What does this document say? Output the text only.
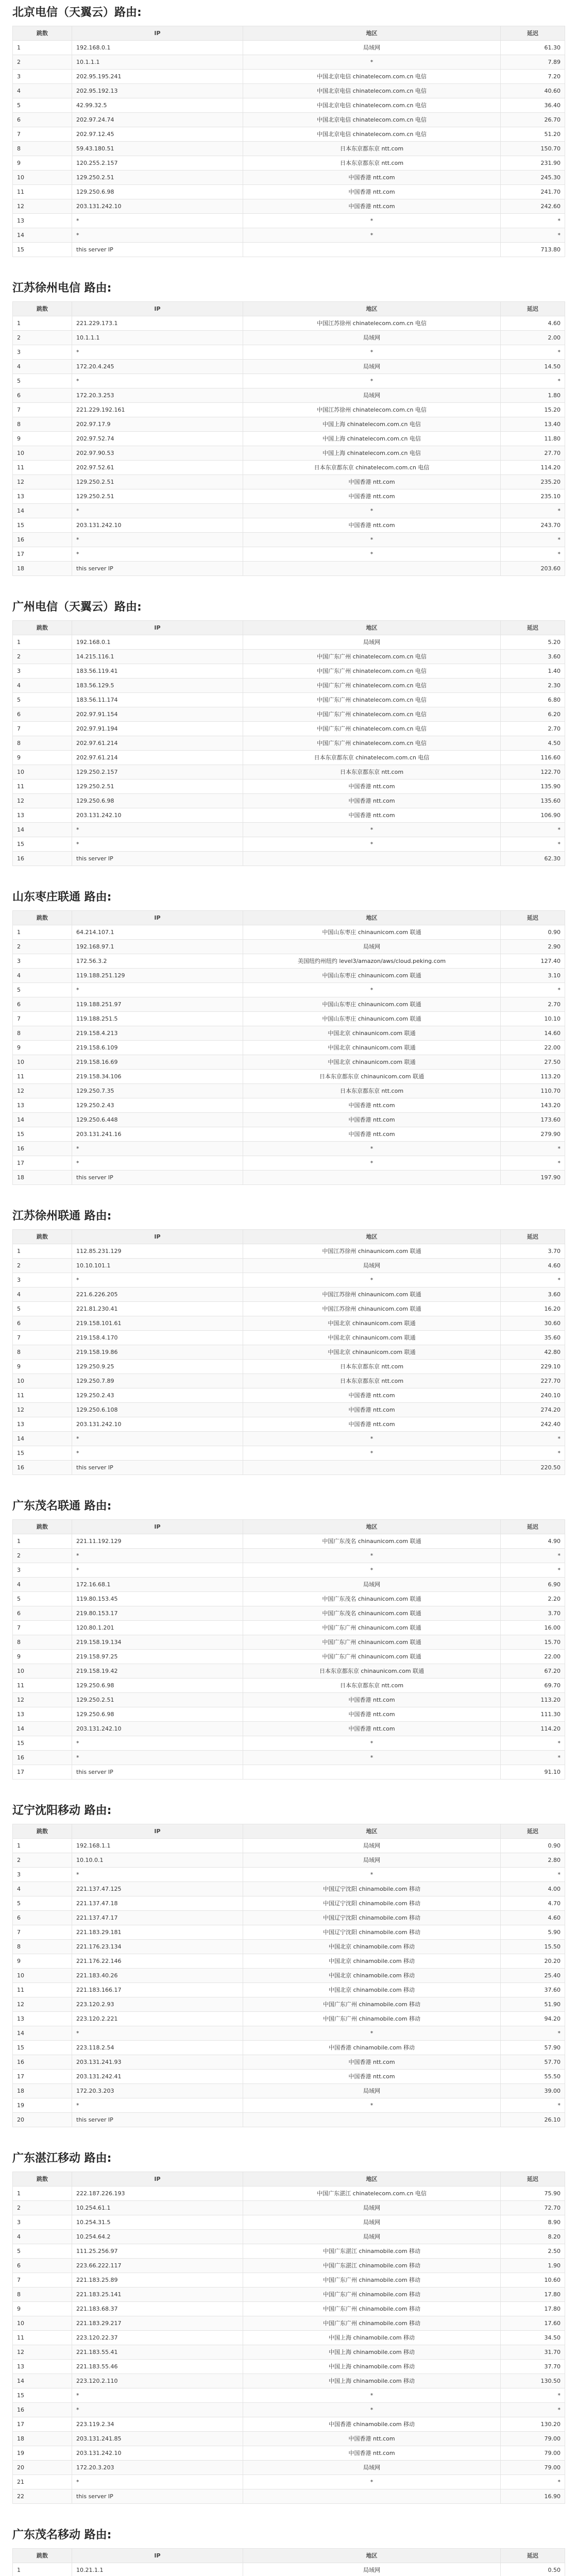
北京电信（天翼云）路由:
跳数	IP	地区	延迟
1	192.168.0.1	局域网	61.30
2	10.1.1.1	*	7.89
3	202.95.195.241	中国北京电信 chinatelecom.com.cn 电信	7.20
4	202.95.192.13	中国北京电信 chinatelecom.com.cn 电信	40.60
5	42.99.32.5	中国北京电信 chinatelecom.com.cn 电信	36.40
6	202.97.24.74	中国北京电信 chinatelecom.com.cn 电信	26.70
7	202.97.12.45	中国北京电信 chinatelecom.com.cn 电信	51.20
8	59.43.180.51	日本东京都东京 ntt.com	150.70
9	120.255.2.157	日本东京都东京 ntt.com	231.90
10	129.250.2.51	中国香港 ntt.com	245.30
11	129.250.6.98	中国香港 ntt.com	241.70
12	203.131.242.10	中国香港 ntt.com	242.60
13	*	*	*
14	*	*	*
15	this server IP		713.80
江苏徐州电信 路由:
跳数	IP	地区	延迟
1	221.229.173.1	中国江苏徐州 chinatelecom.com.cn 电信	4.60
2	10.1.1.1	局域网	2.00
3	*	*	*
4	172.20.4.245	局域网	14.50
5	*	*	*
6	172.20.3.253	局域网	1.80
7	221.229.192.161	中国江苏徐州 chinatelecom.com.cn 电信	15.20
8	202.97.17.9	中国上海 chinatelecom.com.cn 电信	13.40
9	202.97.52.74	中国上海 chinatelecom.com.cn 电信	11.80
10	202.97.90.53	中国上海 chinatelecom.com.cn 电信	27.70
11	202.97.52.61	日本东京都东京 chinatelecom.com.cn 电信	114.20
12	129.250.2.51	中国香港 ntt.com	235.20
13	129.250.2.51	中国香港 ntt.com	235.10
14	*	*	*
15	203.131.242.10	中国香港 ntt.com	243.70
16	*	*	*
17	*	*	*
18	this server IP		203.60
广州电信（天翼云）路由:
跳数	IP	地区	延迟
1	192.168.0.1	局域网	5.20
2	14.215.116.1	中国广东广州 chinatelecom.com.cn 电信	3.60
3	183.56.119.41	中国广东广州 chinatelecom.com.cn 电信	1.40
4	183.56.129.5	中国广东广州 chinatelecom.com.cn 电信	2.30
5	183.56.11.174	中国广东广州 chinatelecom.com.cn 电信	6.80
6	202.97.91.154	中国广东广州 chinatelecom.com.cn 电信	6.20
7	202.97.91.194	中国广东广州 chinatelecom.com.cn 电信	2.70
8	202.97.61.214	中国广东广州 chinatelecom.com.cn 电信	4.50
9	202.97.61.214	日本东京都东京 chinatelecom.com.cn 电信	116.60
10	129.250.2.157	日本东京都东京 ntt.com	122.70
11	129.250.2.51	中国香港 ntt.com	135.90
12	129.250.6.98	中国香港 ntt.com	135.60
13	203.131.242.10	中国香港 ntt.com	106.90
14	*	*	*
15	*	*	*
16	this server IP		62.30
山东枣庄联通 路由:
跳数	IP	地区	延迟
1	64.214.107.1	中国山东枣庄 chinaunicom.com 联通	0.90
2	192.168.97.1	局域网	2.90
3	172.56.3.2	美国纽约州纽约 level3/amazon/aws/cloud.peking.com	127.40
4	119.188.251.129	中国山东枣庄 chinaunicom.com 联通	3.10
5	*	*	*
6	119.188.251.97	中国山东枣庄 chinaunicom.com 联通	2.70
7	119.188.251.5	中国山东枣庄 chinaunicom.com 联通	10.10
8	219.158.4.213	中国北京 chinaunicom.com 联通	14.60
9	219.158.6.109	中国北京 chinaunicom.com 联通	22.00
10	219.158.16.69	中国北京 chinaunicom.com 联通	27.50
11	219.158.34.106	日本东京都东京 chinaunicom.com 联通	113.20
12	129.250.7.35	日本东京都东京 ntt.com	110.70
13	129.250.2.43	中国香港 ntt.com	143.20
14	129.250.6.448	中国香港 ntt.com	173.60
15	203.131.241.16	中国香港 ntt.com	279.90
16	*	*	*
17	*	*	*
18	this server IP		197.90
江苏徐州联通 路由:
跳数	IP	地区	延迟
1	112.85.231.129	中国江苏徐州 chinaunicom.com 联通	3.70
2	10.10.101.1	局域网	4.60
3	*	*	*
4	221.6.226.205	中国江苏徐州 chinaunicom.com 联通	3.60
5	221.81.230.41	中国江苏徐州 chinaunicom.com 联通	16.20
6	219.158.101.61	中国北京 chinaunicom.com 联通	30.60
7	219.158.4.170	中国北京 chinaunicom.com 联通	35.60
8	219.158.19.86	中国北京 chinaunicom.com 联通	42.80
9	129.250.9.25	日本东京都东京 ntt.com	229.10
10	129.250.7.89	日本东京都东京 ntt.com	227.70
11	129.250.2.43	中国香港 ntt.com	240.10
12	129.250.6.108	中国香港 ntt.com	274.20
13	203.131.242.10	中国香港 ntt.com	242.40
14	*	*	*
15	*	*	*
16	this server IP		220.50
广东茂名联通 路由:
跳数	IP	地区	延迟
1	221.11.192.129	中国广东茂名 chinaunicom.com 联通	4.90
2	*	*	*
3	*	*	*
4	172.16.68.1	局域网	6.90
5	119.80.153.45	中国广东茂名 chinaunicom.com 联通	2.20
6	219.80.153.17	中国广东茂名 chinaunicom.com 联通	3.70
7	120.80.1.201	中国广东广州 chinaunicom.com 联通	16.00
8	219.158.19.134	中国广东广州 chinaunicom.com 联通	15.70
9	219.158.97.25	中国广东广州 chinaunicom.com 联通	22.00
10	219.158.19.42	日本东京都东京 chinaunicom.com 联通	67.20
11	129.250.6.98	日本东京都东京 ntt.com	69.70
12	129.250.2.51	中国香港 ntt.com	113.20
13	129.250.6.98	中国香港 ntt.com	111.30
14	203.131.242.10	中国香港 ntt.com	114.20
15	*	*	*
16	*	*	*
17	this server IP		91.10
辽宁沈阳移动 路由:
跳数	IP	地区	延迟
1	192.168.1.1	局域网	0.90
2	10.10.0.1	局域网	2.80
3	*	*	*
4	221.137.47.125	中国辽宁沈阳 chinamobile.com 移动	4.00
5	221.137.47.18	中国辽宁沈阳 chinamobile.com 移动	4.70
6	221.137.47.17	中国辽宁沈阳 chinamobile.com 移动	4.60
7	221.183.29.181	中国辽宁沈阳 chinamobile.com 移动	5.90
8	221.176.23.134	中国北京 chinamobile.com 移动	15.50
9	221.176.22.146	中国北京 chinamobile.com 移动	20.20
10	221.183.40.26	中国北京 chinamobile.com 移动	25.40
11	221.183.166.17	中国北京 chinamobile.com 移动	37.60
12	223.120.2.93	中国广东广州 chinamobile.com 移动	51.90
13	223.120.2.221	中国广东广州 chinamobile.com 移动	94.20
14	*	*	*
15	223.118.2.54	中国香港 chinamobile.com 移动	57.90
16	203.131.241.93	中国香港 ntt.com	57.70
17	203.131.242.41	中国香港 ntt.com	55.50
18	172.20.3.203	局域网	39.00
19	*	*	*
20	this server IP		26.10
广东湛江移动 路由:
跳数	IP	地区	延迟
1	222.187.226.193	中国广东湛江 chinatelecom.com.cn 电信	75.90
2	10.254.61.1	局域网	72.70
3	10.254.31.5	局域网	8.90
4	10.254.64.2	局域网	8.20
5	111.25.256.97	中国广东湛江 chinamobile.com 移动	2.50
6	223.66.222.117	中国广东湛江 chinamobile.com 移动	1.90
7	221.183.25.89	中国广东广州 chinamobile.com 移动	10.60
8	221.183.25.141	中国广东广州 chinamobile.com 移动	17.80
9	221.183.68.37	中国广东广州 chinamobile.com 移动	17.80
10	221.183.29.217	中国广东广州 chinamobile.com 移动	17.60
11	223.120.22.37	中国上海 chinamobile.com 移动	34.50
12	221.183.55.41	中国上海 chinamobile.com 移动	31.70
13	221.183.55.46	中国上海 chinamobile.com 移动	37.70
14	223.120.2.110	中国上海 chinamobile.com 移动	130.50
15	*	*	*
16	*	*	*
17	223.119.2.34	中国香港 chinamobile.com 移动	130.20
18	203.131.241.85	中国香港 ntt.com	79.00
19	203.131.242.10	中国香港 ntt.com	79.00
20	172.20.3.203	局域网	79.00
21	*	*	*
22	this server IP		16.90
广东茂名移动 路由:
跳数	IP	地区	延迟
1	10.21.1.1	局域网	0.50
